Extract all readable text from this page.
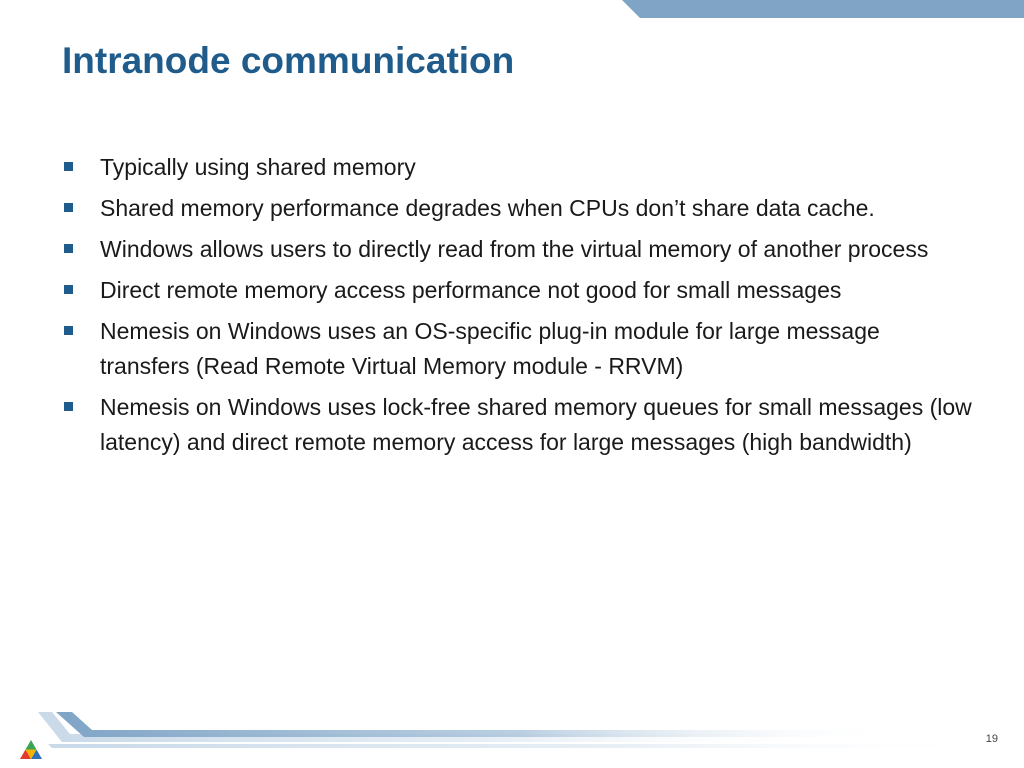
Intranode communication
Typically using shared memory
Shared memory performance degrades when CPUs don’t share data cache.
Windows allows users to directly read from the virtual memory of another process
Direct remote memory access performance not good for small messages
Nemesis on Windows uses an OS-specific plug-in module for large message transfers (Read Remote Virtual Memory module - RRVM)
Nemesis on Windows uses lock-free shared memory queues for small messages (low latency) and direct remote memory access for large messages (high bandwidth)
19
